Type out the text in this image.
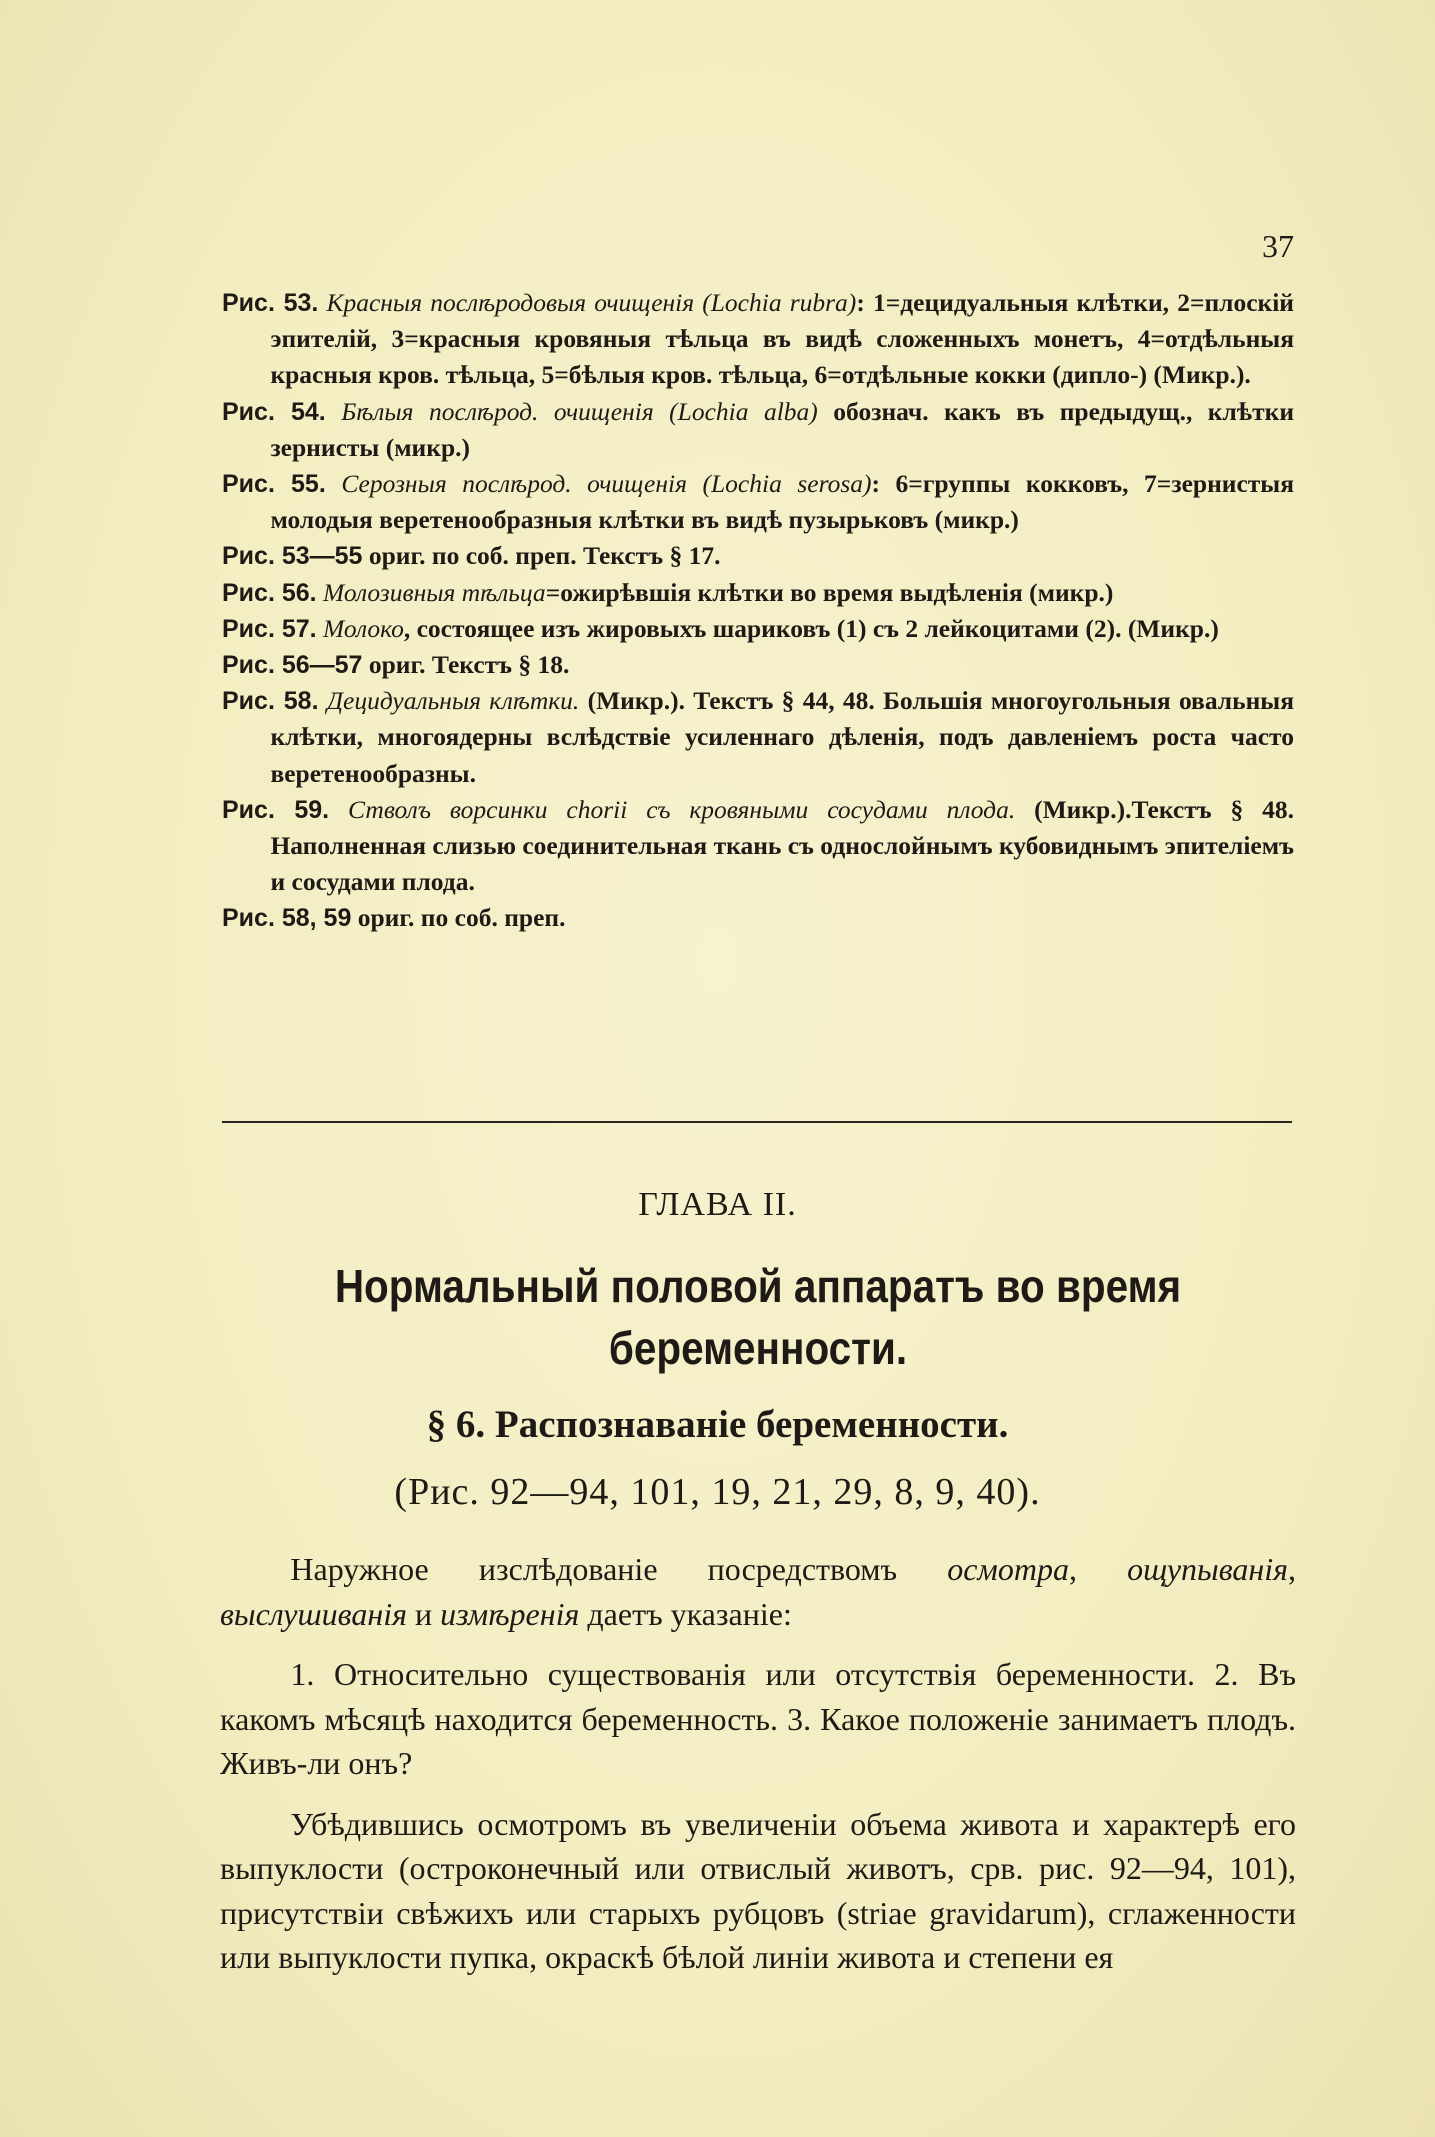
37

Рис. 53. Красныя послѣродовыя очищенія (Lochia rubra): 1=децидуальныя клѣтки, 2=плоскій эпителій, 3=красныя кровяныя тѣльца въ видѣ сложенныхъ монетъ, 4=отдѣльныя красныя кров. тѣльца, 5=бѣлыя кров. тѣльца, 6=отдѣльные кокки (дипло-) (Микр.).

Рис. 54. Бѣлыя послѣрод. очищенія (Lochia alba) обознач. какъ въ предыдущ., клѣтки зернисты (микр.)

Рис. 55. Серозныя послѣрод. очищенія (Lochia serosa): 6=группы кокковъ, 7=зернистыя молодыя веретенообразныя клѣтки въ видѣ пузырьковъ (микр.)

Рис. 53—55 ориг. по соб. преп. Текстъ § 17.

Рис. 56. Молозивныя тѣльца=ожирѣвшія клѣтки во время выдѣленія (микр.)

Рис. 57. Молоко, состоящее изъ жировыхъ шариковъ (1) съ 2 лейкоцитами (2). (Микр.)

Рис. 56—57 ориг. Текстъ § 18.

Рис. 58. Децидуальныя клѣтки. (Микр.). Текстъ § 44, 48. Большія многоугольныя овальныя клѣтки, многоядерны вслѣдствіе усиленнаго дѣленія, подъ давленіемъ роста часто веретенообразны.

Рис. 59. Стволъ ворсинки chorii съ кровяными сосудами плода. (Микр.).Текстъ § 48. Наполненная слизью соединительная ткань съ однослойнымъ кубовиднымъ эпителіемъ и сосудами плода.

Рис. 58, 59 ориг. по соб. преп.

ГЛАВА II.
Нормальный половой аппаратъ во время беременности.
§ 6. Распознаванiе беременности.
(Рис. 92—94, 101, 19, 21, 29, 8, 9, 40).

Наружное изслѣдованіе посредствомъ осмотра, ощупыванія, выслушиванія и измѣренія даетъ указаніе:

1. Относительно существованія или отсутствія беременности. 2. Въ какомъ мѣсяцѣ находится беременность. 3. Какое положеніе занимаетъ плодъ. Живъ-ли онъ?

Убѣдившись осмотромъ въ увеличеніи объема живота и характерѣ его выпуклости (остроконечный или отвислый животъ, срв. рис. 92—94, 101), присутствіи свѣжихъ или старыхъ рубцовъ (striae gravidarum), сглаженности или выпуклости пупка, окраскѣ бѣлой линіи живота и степени ея
